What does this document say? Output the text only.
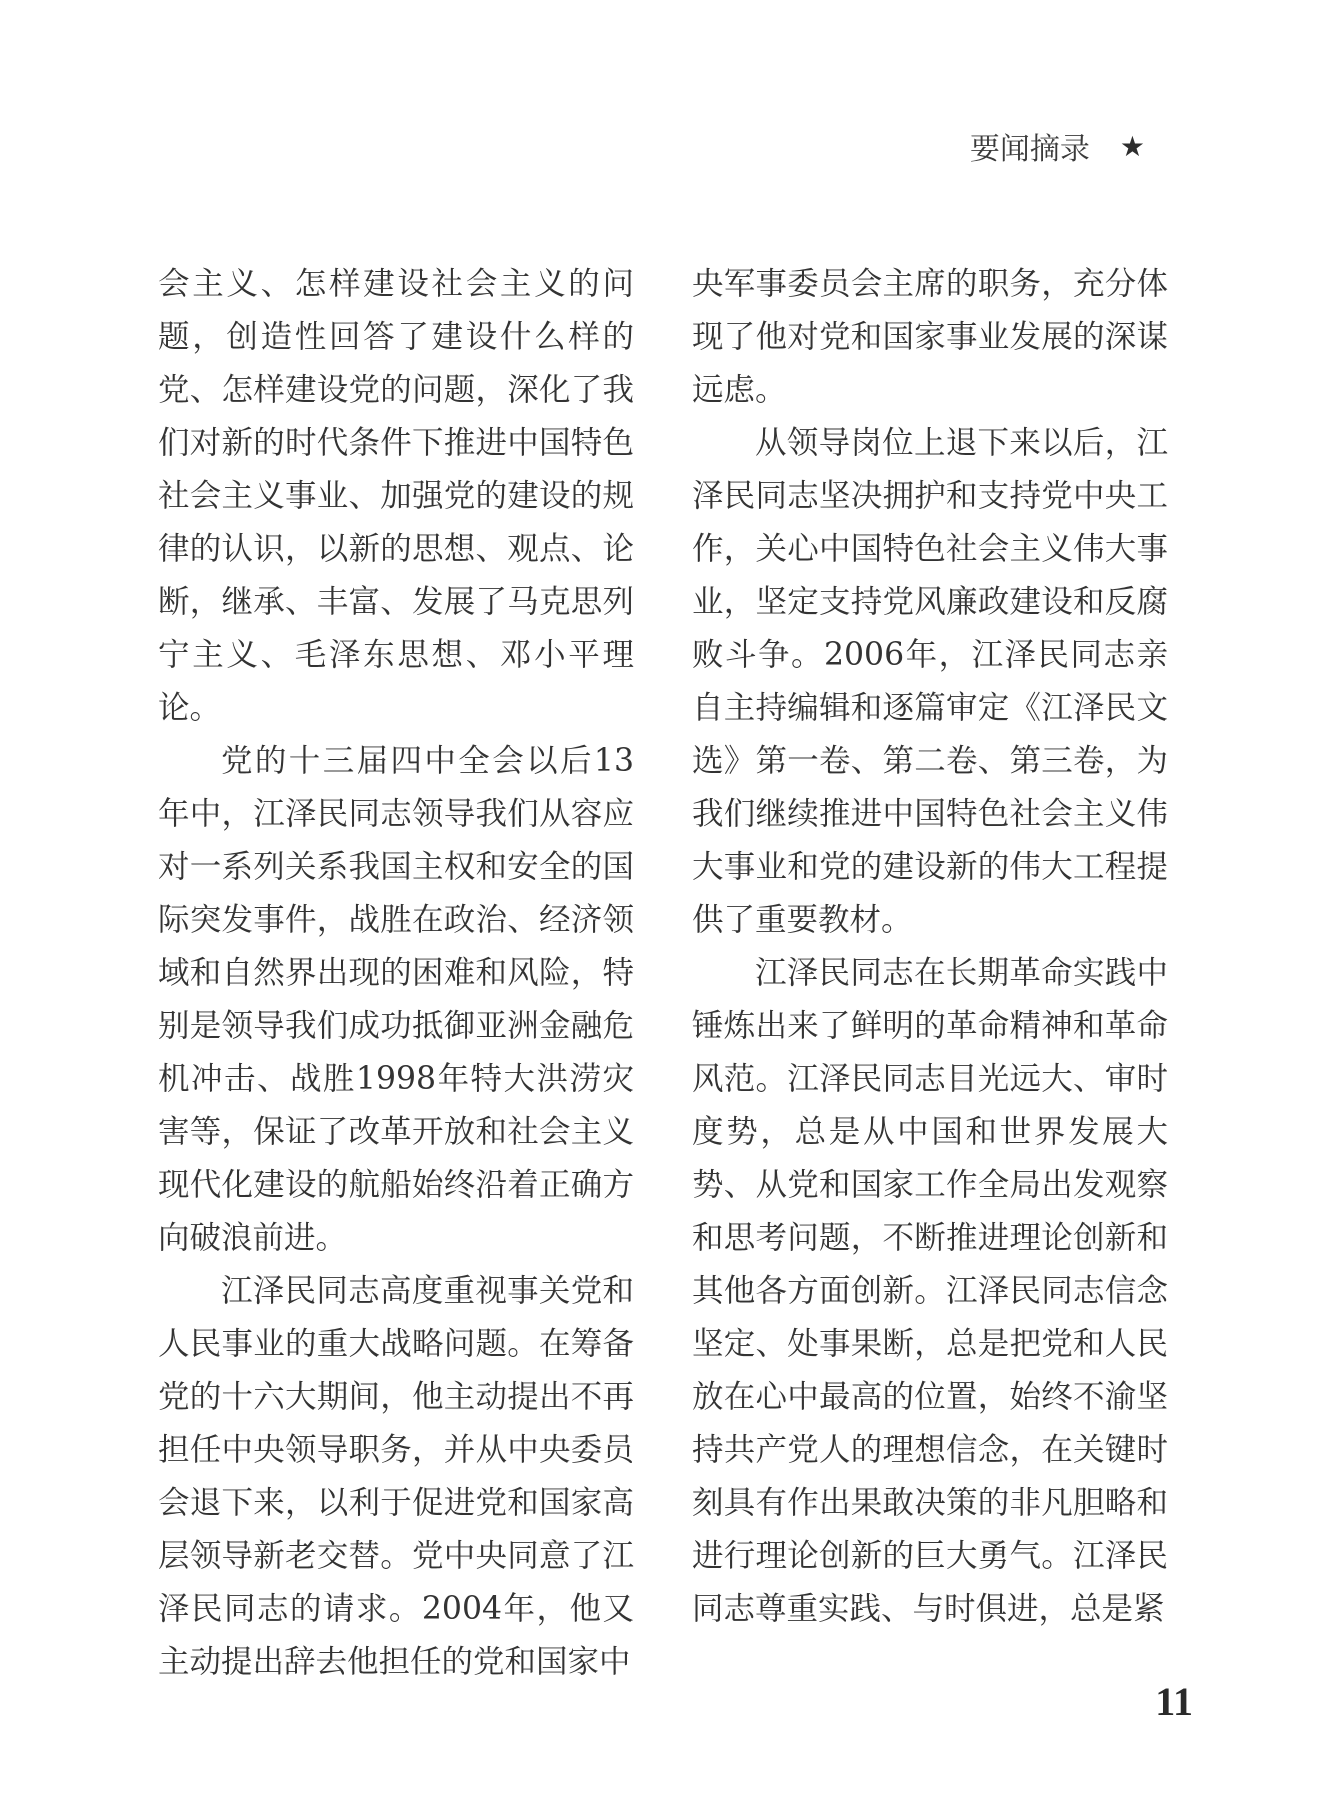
要闻摘录 ★

会主义、怎样建设社会主义的问题，创造性回答了建设什么样的党、怎样建设党的问题，深化了我们对新的时代条件下推进中国特色社会主义事业、加强党的建设的规律的认识，以新的思想、观点、论断，继承、丰富、发展了马克思列宁主义、毛泽东思想、邓小平理论。

党的十三届四中全会以后13年中，江泽民同志领导我们从容应对一系列关系我国主权和安全的国际突发事件，战胜在政治、经济领域和自然界出现的困难和风险，特别是领导我们成功抵御亚洲金融危机冲击、战胜1998年特大洪涝灾害等，保证了改革开放和社会主义现代化建设的航船始终沿着正确方向破浪前进。

江泽民同志高度重视事关党和人民事业的重大战略问题。在筹备党的十六大期间，他主动提出不再担任中央领导职务，并从中央委员会退下来，以利于促进党和国家高层领导新老交替。党中央同意了江泽民同志的请求。2004年，他又主动提出辞去他担任的党和国家中

央军事委员会主席的职务，充分体现了他对党和国家事业发展的深谋远虑。

从领导岗位上退下来以后，江泽民同志坚决拥护和支持党中央工作，关心中国特色社会主义伟大事业，坚定支持党风廉政建设和反腐败斗争。2006年，江泽民同志亲自主持编辑和逐篇审定《江泽民文选》第一卷、第二卷、第三卷，为我们继续推进中国特色社会主义伟大事业和党的建设新的伟大工程提供了重要教材。

江泽民同志在长期革命实践中锤炼出来了鲜明的革命精神和革命风范。江泽民同志目光远大、审时度势，总是从中国和世界发展大势、从党和国家工作全局出发观察和思考问题，不断推进理论创新和其他各方面创新。江泽民同志信念坚定、处事果断，总是把党和人民放在心中最高的位置，始终不渝坚持共产党人的理想信念，在关键时刻具有作出果敢决策的非凡胆略和进行理论创新的巨大勇气。江泽民同志尊重实践、与时俱进，总是紧

11
